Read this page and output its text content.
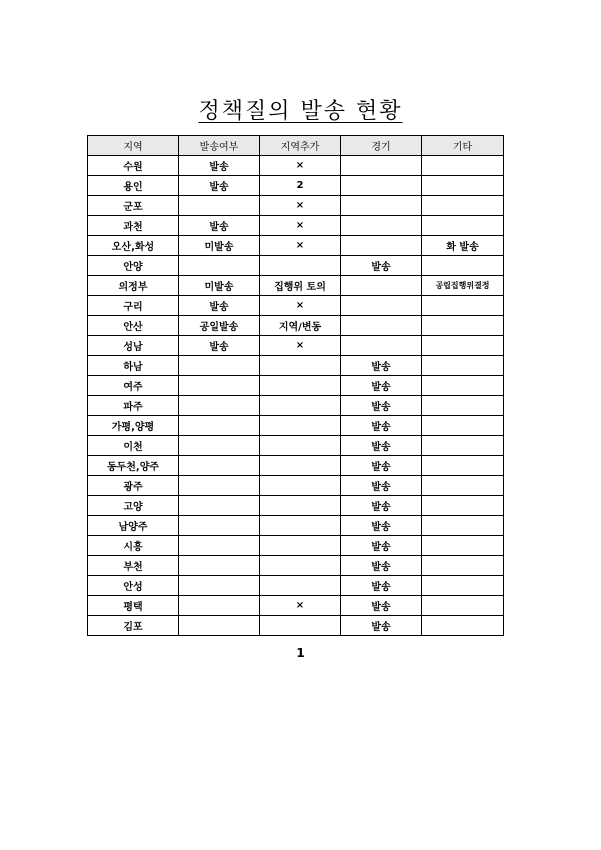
정책질의 발송 현황
지역	발송여부	지역추가	경기	기타
수원	발송	×		
용인	발송	2		
군포		×		
과천	발송	×		
오산,화성	미발송	×		화 발송
안양			발송	
의정부	미발송	집행위 토의		공립집행위결정
구리	발송	×		
안산	공일발송	지역/변동		
성남	발송	×		
하남			발송	
여주			발송	
파주			발송	
가평,양평			발송	
이천			발송	
동두천,양주			발송	
광주			발송	
고양			발송	
남양주			발송	
시흥			발송	
부천			발송	
안성			발송	
평택		×	발송	
김포			발송	
1
